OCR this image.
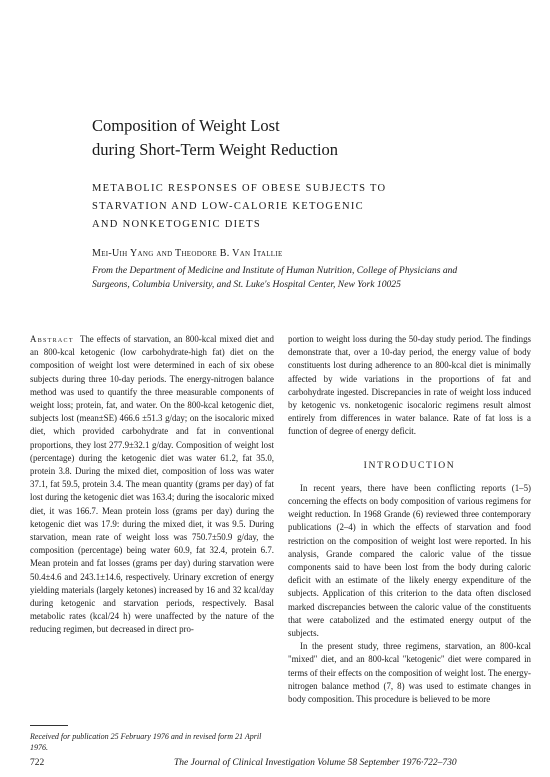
Composition of Weight Lost
during Short-Term Weight Reduction
METABOLIC RESPONSES OF OBESE SUBJECTS TO
STARVATION AND LOW-CALORIE KETOGENIC
AND NONKETOGENIC DIETS
Mei-Uih Yang and Theodore B. Van Itallie
From the Department of Medicine and Institute of Human Nutrition, College of Physicians and Surgeons, Columbia University, and St. Luke's Hospital Center, New York 10025

Abstract The effects of starvation, an 800-kcal mixed diet and an 800-kcal ketogenic (low carbohydrate-high fat) diet on the composition of weight lost were determined in each of six obese subjects during three 10-day periods. The energy-nitrogen balance method was used to quantify the three measurable components of weight loss; protein, fat, and water. On the 800-kcal ketogenic diet, subjects lost (mean±SE) 466.6 ±51.3 g/day; on the isocaloric mixed diet, which provided carbohydrate and fat in conventional proportions, they lost 277.9±32.1 g/day. Composition of weight lost (percentage) during the ketogenic diet was water 61.2, fat 35.0, protein 3.8. During the mixed diet, composition of loss was water 37.1, fat 59.5, protein 3.4. The mean quantity (grams per day) of fat lost during the ketogenic diet was 163.4; during the isocaloric mixed diet, it was 166.7. Mean protein loss (grams per day) during the ketogenic diet was 17.9: during the mixed diet, it was 9.5. During starvation, mean rate of weight loss was 750.7±50.9 g/day, the composition (percentage) being water 60.9, fat 32.4, protein 6.7. Mean protein and fat losses (grams per day) during starvation were 50.4±4.6 and 243.1±14.6, respectively. Urinary excretion of energy yielding materials (largely ketones) increased by 16 and 32 kcal/day during ketogenic and starvation periods, respectively. Basal metabolic rates (kcal/24 h) were unaffected by the nature of the reducing regimen, but decreased in direct pro-

portion to weight loss during the 50-day study period. The findings demonstrate that, over a 10-day period, the energy value of body constituents lost during adherence to an 800-kcal diet is minimally affected by wide variations in the proportions of fat and carbohydrate ingested. Discrepancies in rate of weight loss induced by ketogenic vs. nonketogenic isocaloric regimens result almost entirely from differences in water balance. Rate of fat loss is a function of degree of energy deficit.

INTRODUCTION

In recent years, there have been conflicting reports (1–5) concerning the effects on body composition of various regimens for weight reduction. In 1968 Grande (6) reviewed three contemporary publications (2–4) in which the effects of starvation and food restriction on the composition of weight lost were reported. In his analysis, Grande compared the caloric value of the tissue components said to have been lost from the body during caloric deficit with an estimate of the likely energy expenditure of the subjects. Application of this criterion to the data often disclosed marked discrepancies between the caloric value of the constituents that were catabolized and the estimated energy output of the subjects.

In the present study, three regimens, starvation, an 800-kcal "mixed" diet, and an 800-kcal "ketogenic" diet were compared in terms of their effects on the composition of weight lost. The energy-nitrogen balance method (7, 8) was used to estimate changes in body composition. This procedure is believed to be more

Received for publication 25 February 1976 and in revised form 21 April 1976.
722	The Journal of Clinical Investigation Volume 58 September 1976·722–730
